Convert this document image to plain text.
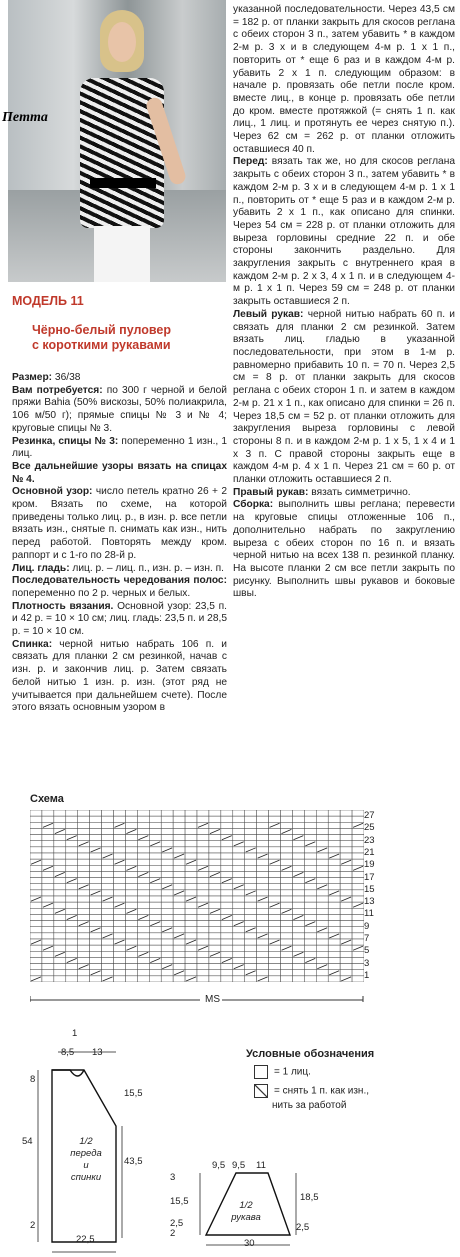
Пеmma
МОДЕЛЬ 11
Чёрно-белый пуловер
с короткими рукавами

Размер: 36/38

Вам потребуется: по 300 г черной и белой пряжи Bahia (50% вискозы, 50% полиакрила, 106 м/50 г); прямые спицы № 3 и № 4; круговые спицы № 3.

Резинка, спицы № 3: попеременно 1 изн., 1 лиц.

Все дальнейшие узоры вязать на спицах № 4.

Основной узор: число петель кратно 26 + 2 кром. Вязать по схеме, на которой приведены только лиц. р., в изн. р. все петли вязать изн., снятые п. снимать как изн., нить перед работой. Повторять между кром. раппорт и с 1-го по 28-й р.

Лиц. гладь: лиц. р. – лиц. п., изн. р. – изн. п.

Последовательность чередования полос: попеременно по 2 р. черных и белых.

Плотность вязания. Основной узор: 23,5 п. и 42 р. = 10 × 10 см; лиц. гладь: 23,5 п. и 28,5 р. = 10 × 10 см.

Спинка: черной нитью набрать 106 п. и связать для планки 2 см резинкой, начав с изн. р. и закончив лиц. р. Затем связать белой нитью 1 изн. р. изн. (этот ряд не учитывается при дальнейшем счете). После этого вязать основным узором в

указанной последовательности. Через 43,5 см = 182 р. от планки закрыть для скосов реглана с обеих сторон 3 п., затем убавить * в каждом 2-м р. 3 х и в следующем 4-м р. 1 х 1 п., повторить от * еще 6 раз и в каждом 4-м р. убавить 2 х 1 п. следующим образом: в начале р. провязать обе петли после кром. вместе лиц., в конце р. провязать обе петли до кром. вместе протяжкой (= снять 1 п. как лиц., 1 лиц. и протянуть ее через снятую п.). Через 62 см = 262 р. от планки отложить оставшиеся 40 п.

Перед: вязать так же, но для скосов реглана закрыть с обеих сторон 3 п., затем убавить * в каждом 2-м р. 3 х и в следующем 4-м р. 1 х 1 п., повторить от * еще 5 раз и в каждом 2-м р. убавить 2 х 1 п., как описано для спинки. Через 54 см = 228 р. от планки отложить для выреза горловины средние 22 п. и обе стороны закончить раздельно. Для закругления закрыть с внутреннего края в каждом 2-м р. 2 х 3, 4 х 1 п. и в следующем 4-м р. 1 х 1 п. Через 59 см = 248 р. от планки закрыть оставшиеся 2 п.

Левый рукав: черной нитью набрать 60 п. и связать для планки 2 см резинкой. Затем вязать лиц. гладью в указанной последовательности, при этом в 1-м р. равномерно прибавить 10 п. = 70 п. Через 2,5 см = 8 р. от планки закрыть для скосов реглана с обеих сторон 1 п. и затем в каждом 2-м р. 21 х 1 п., как описано для спинки = 26 п. Через 18,5 см = 52 р. от планки отложить для закругления выреза горловины с левой стороны 8 п. и в каждом 2-м р. 1 х 5, 1 х 4 и 1 х 3 п. С правой стороны закрыть еще в каждом 4-м р. 4 х 1 п. Через 21 см = 60 р. от планки отложить оставшиеся 2 п.

Правый рукав: вязать симметрично.

Сборка: выполнить швы реглана; перевести на круговые спицы отложенные 106 п., дополнительно набрать по закруглению выреза с обеих сторон по 16 п. и вязать черной нитью на всех 138 п. резинкой планку. На высоте планки 2 см все петли закрыть по рисунку. Выполнить швы рукавов и боковые швы.

Схема
27
25
23
21
19
17
15
13
11
9
7
5
3
1
MS
Условные обозначения
= 1 лиц.
= снять 1 п. как изн.,
нить за работой
1
8,5 13
8
15,5
54
43,5
2
22,5
1/2
переда
и
спинки
9,5 9,5 11
3
15,5	18,5
2,5
2
2,5
30
1/2
рукава
